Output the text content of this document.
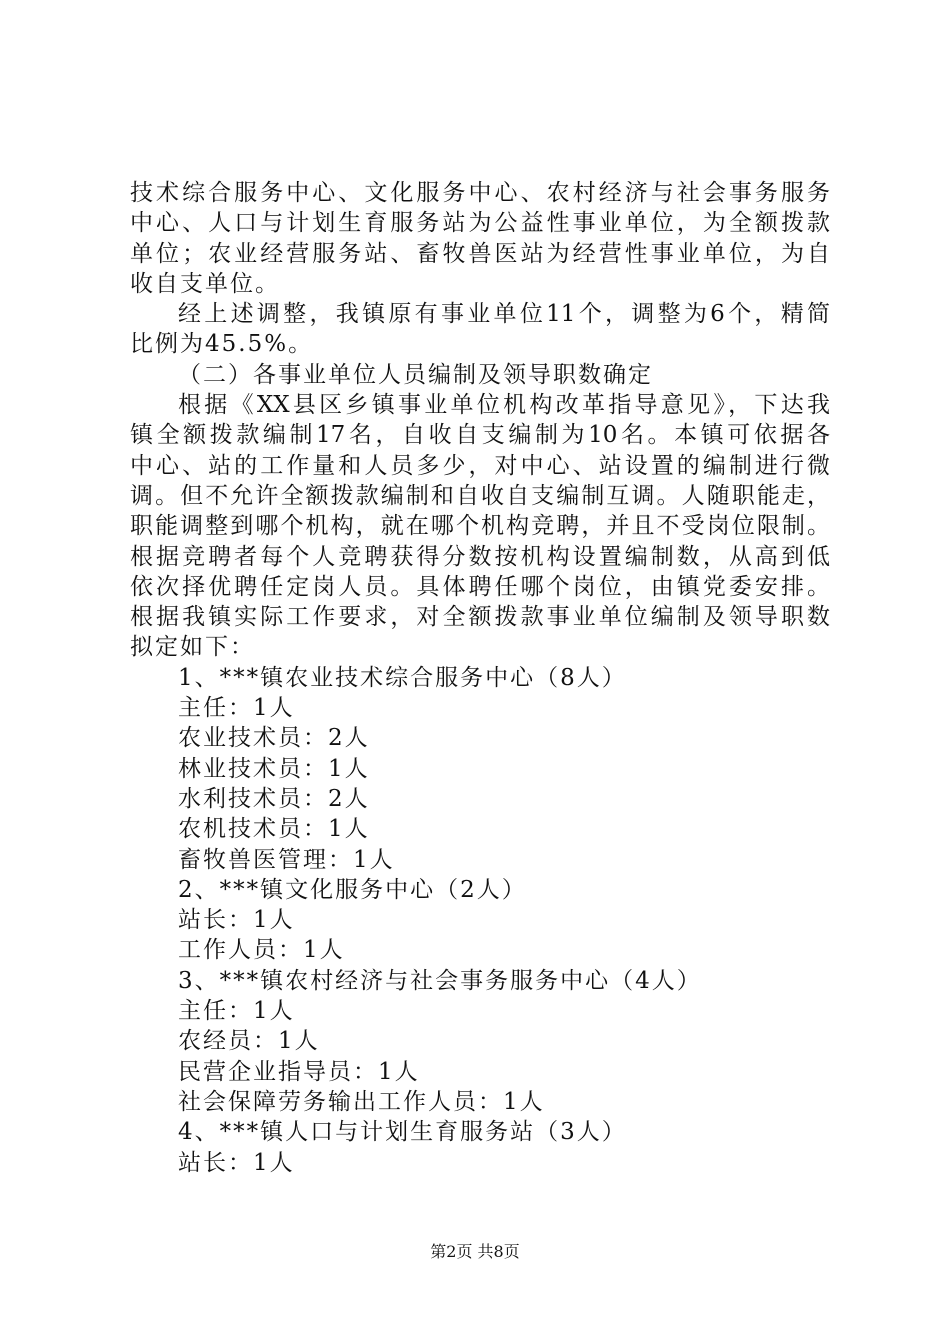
技术综合服务中心、文化服务中心、农村经济与社会事务服务
中心、人口与计划生育服务站为公益性事业单位，为全额拨款
单位；农业经营服务站、畜牧兽医站为经营性事业单位，为自
收自支单位。
经上述调整，我镇原有事业单位11个，调整为6个，精简
比例为45.5%。
（二）各事业单位人员编制及领导职数确定
根据《XX县区乡镇事业单位机构改革指导意见》，下达我
镇全额拨款编制17名，自收自支编制为10名。本镇可依据各
中心、站的工作量和人员多少，对中心、站设置的编制进行微
调。但不允许全额拨款编制和自收自支编制互调。人随职能走，
职能调整到哪个机构，就在哪个机构竞聘，并且不受岗位限制。
根据竞聘者每个人竞聘获得分数按机构设置编制数，从高到低
依次择优聘任定岗人员。具体聘任哪个岗位，由镇党委安排。
根据我镇实际工作要求，对全额拨款事业单位编制及领导职数
拟定如下：
1、***镇农业技术综合服务中心（8人）
主任：1人
农业技术员：2人
林业技术员：1人
水利技术员：2人
农机技术员：1人
畜牧兽医管理：1人
2、***镇文化服务中心（2人）
站长：1人
工作人员：1人
3、***镇农村经济与社会事务服务中心（4人）
主任：1人
农经员：1人
民营企业指导员：1人
社会保障劳务输出工作人员：1人
4、***镇人口与计划生育服务站（3人）
站长：1人
第2页 共8页
